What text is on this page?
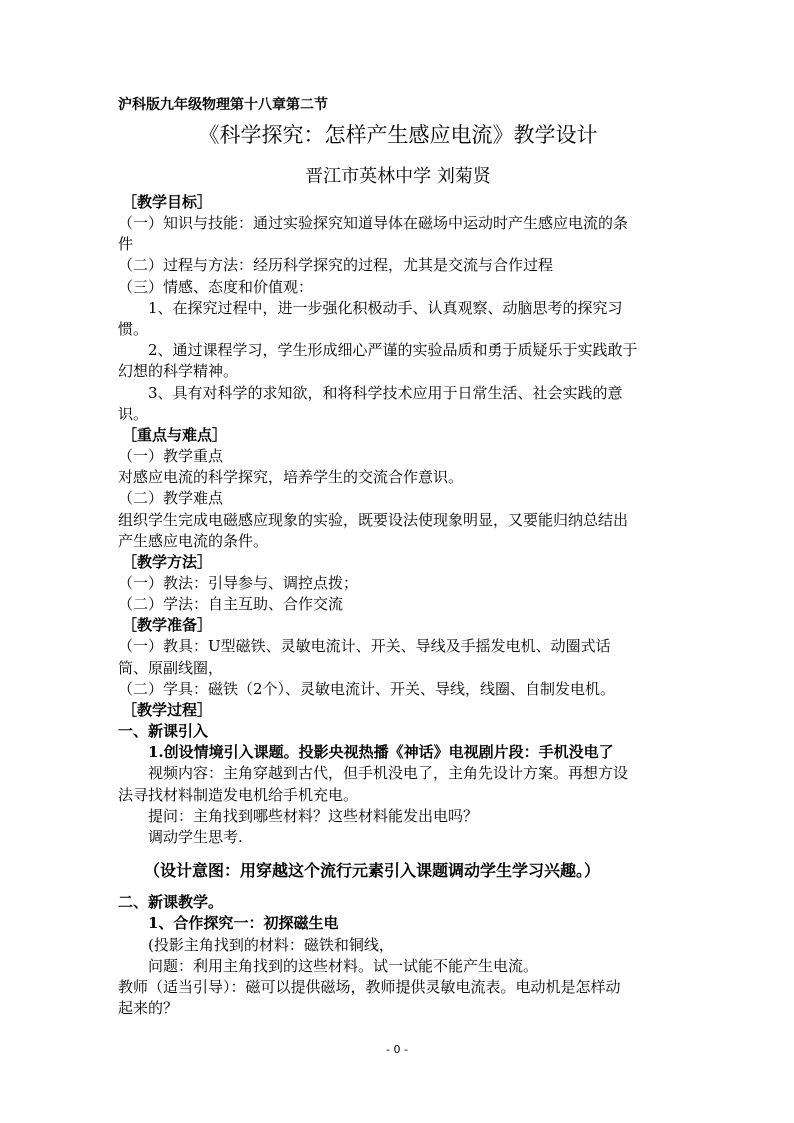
沪科版九年级物理第十八章第二节
《科学探究：怎样产生感应电流》教学设计
晋江市英林中学 刘菊贤
［教学目标］
（一）知识与技能：通过实验探究知道导体在磁场中运动时产生感应电流的条
件
（二）过程与方法：经历科学探究的过程，尤其是交流与合作过程
（三）情感、态度和价值观：
1、在探究过程中，进一步强化积极动手、认真观察、动脑思考的探究习
惯。
2、通过课程学习，学生形成细心严谨的实验品质和勇于质疑乐于实践敢于
幻想的科学精神。
3、具有对科学的求知欲，和将科学技术应用于日常生活、社会实践的意
识。
［重点与难点］
（一）教学重点
对感应电流的科学探究，培养学生的交流合作意识。
（二）教学难点
组织学生完成电磁感应现象的实验，既要设法使现象明显，又要能归纳总结出
产生感应电流的条件。
［教学方法］
（一）教法：引导参与、调控点拨；
（二）学法：自主互助、合作交流
［教学准备］
（一）教具：U型磁铁、灵敏电流计、开关、导线及手摇发电机、动圈式话
筒、原副线圈，
（二）学具：磁铁（2个）、灵敏电流计、开关、导线，线圈、自制发电机。
［教学过程］
一、新课引入
1.创设情境引入课题。投影央视热播《神话》电视剧片段：手机没电了
视频内容：主角穿越到古代，但手机没电了，主角先设计方案。再想方设
法寻找材料制造发电机给手机充电。
提问：主角找到哪些材料？这些材料能发出电吗？
调动学生思考.
（设计意图：用穿越这个流行元素引入课题调动学生学习兴趣。）
二、新课教学。
1、合作探究一：初探磁生电
(投影主角找到的材料：磁铁和铜线，
问题：利用主角找到的这些材料。试一试能不能产生电流。
教师（适当引导）：磁可以提供磁场，教师提供灵敏电流表。电动机是怎样动
起来的？
- 0 -
